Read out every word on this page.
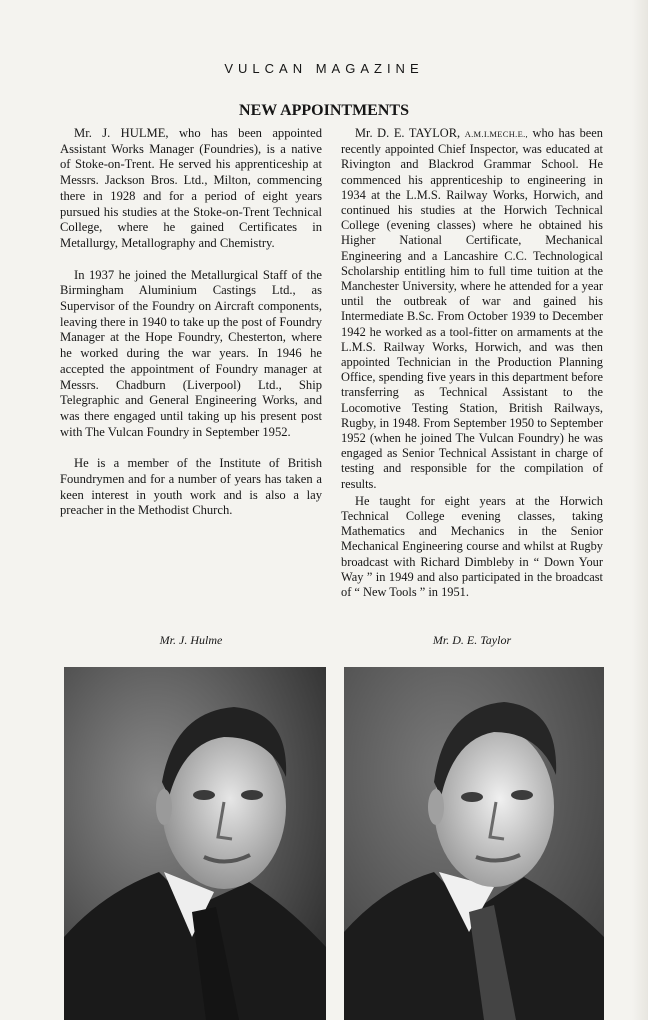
VULCAN MAGAZINE
NEW APPOINTMENTS

Mr. J. HULME, who has been appointed Assistant Works Manager (Foundries), is a native of Stoke-on-Trent. He served his apprenticeship at Messrs. Jackson Bros. Ltd., Milton, commencing there in 1928 and for a period of eight years pursued his studies at the Stoke-on-Trent Technical College, where he gained Certificates in Metallurgy, Metallography and Chemistry.

In 1937 he joined the Metallurgical Staff of the Birmingham Aluminium Castings Ltd., as Supervisor of the Foundry on Aircraft components, leaving there in 1940 to take up the post of Foundry Manager at the Hope Foundry, Chesterton, where he worked during the war years. In 1946 he accepted the appointment of Foundry manager at Messrs. Chadburn (Liverpool) Ltd., Ship Telegraphic and General Engineering Works, and was there engaged until taking up his present post with The Vulcan Foundry in September 1952.

He is a member of the Institute of British Foundrymen and for a number of years has taken a keen interest in youth work and is also a lay preacher in the Methodist Church.

Mr. D. E. TAYLOR, A.M.I.MECH.E., who has been recently appointed Chief Inspector, was educated at Rivington and Blackrod Grammar School. He commenced his apprenticeship to engineering in 1934 at the L.M.S. Railway Works, Horwich, and continued his studies at the Horwich Technical College (evening classes) where he obtained his Higher National Certificate, Mechanical Engineering and a Lancashire C.C. Technological Scholarship entitling him to full time tuition at the Manchester University, where he attended for a year until the outbreak of war and gained his Intermediate B.Sc. From October 1939 to December 1942 he worked as a tool-fitter on armaments at the L.M.S. Railway Works, Horwich, and was then appointed Technician in the Production Planning Office, spending five years in this department before transferring as Technical Assistant to the Locomotive Testing Station, British Railways, Rugby, in 1948. From September 1950 to September 1952 (when he joined The Vulcan Foundry) he was engaged as Senior Technical Assistant in charge of testing and responsible for the compilation of results.

He taught for eight years at the Horwich Technical College evening classes, taking Mathematics and Mechanics in the Senior Mechanical Engineering course and whilst at Rugby broadcast with Richard Dimbleby in “ Down Your Way ” in 1949 and also participated in the broadcast of “ New Tools ” in 1951.

Mr. J. Hulme	Mr. D. E. Taylor
